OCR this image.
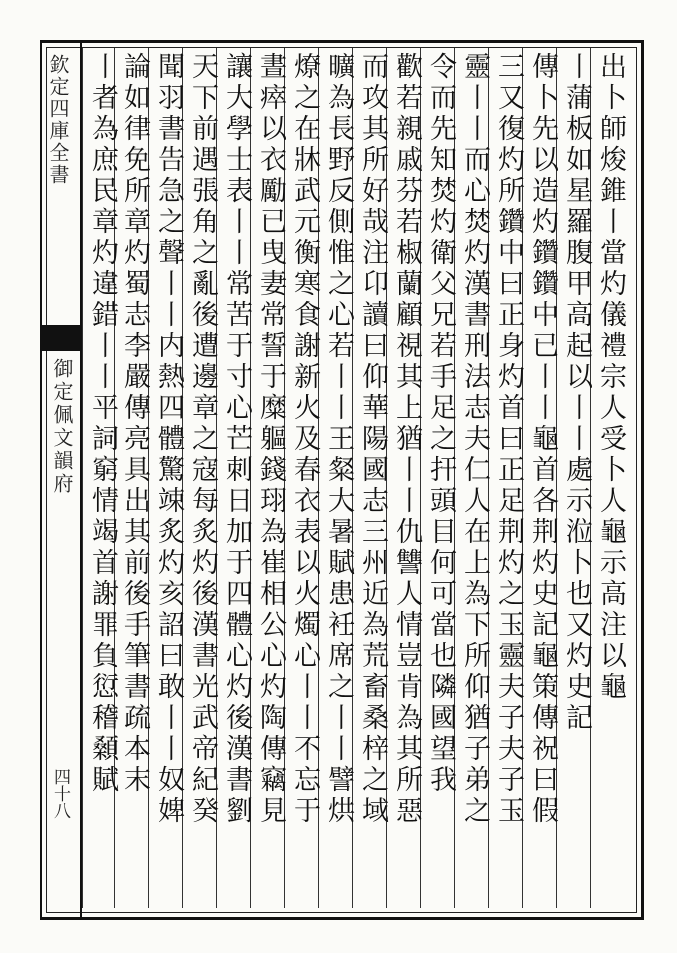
欽定四庫全書
御定佩文韻府
四十八
出卜師焌錐丨當灼儀禮宗人受卜人龜示高注以龜
丨蒲板如星羅腹甲高起以丨丨處示涖卜也又灼史記
傳卜先以造灼鑽鑽中已丨丨龜首各荆灼史記龜策傳祝曰假
三又復灼所鑽中曰正身灼首曰正足荆灼之玉靈夫子夫子玉
靈丨丨而心焚灼漢書刑法志夫仁人在上為下所仰猶子弟之
令而先知焚灼衛父兄若手足之扞頭目何可當也隣國望我
歡若親戚芬若椒蘭顧視其上猶丨丨仇讐人情豈肯為其所惡
而攻其所好哉注卬讀曰仰華陽國志三州近為荒畜桑梓之域
曠為長野反側惟之心若丨丨王粲大暑賦患衽席之丨丨譬烘
燎之在牀武元衡寒食謝新火及春衣表以火燭心丨丨不忘于
晝瘁以衣勵已曳妻常誓于糜軀錢珝為崔相公心灼陶傳竊見
讓大學士表丨丨常苦于寸心芒刺日加于四體心灼後漢書劉
天下前遇張角之亂後遭邊章之寇每炙灼後漢書光武帝紀癸
聞羽書告急之聲丨丨内熱四體驚竦炙灼亥詔曰敢丨丨奴婢
論如律免所章灼蜀志李嚴傳亮具出其前後手筆書疏本末
丨者為庶民章灼違錯丨丨平詞窮情竭首謝罪負愆稽顙賦
